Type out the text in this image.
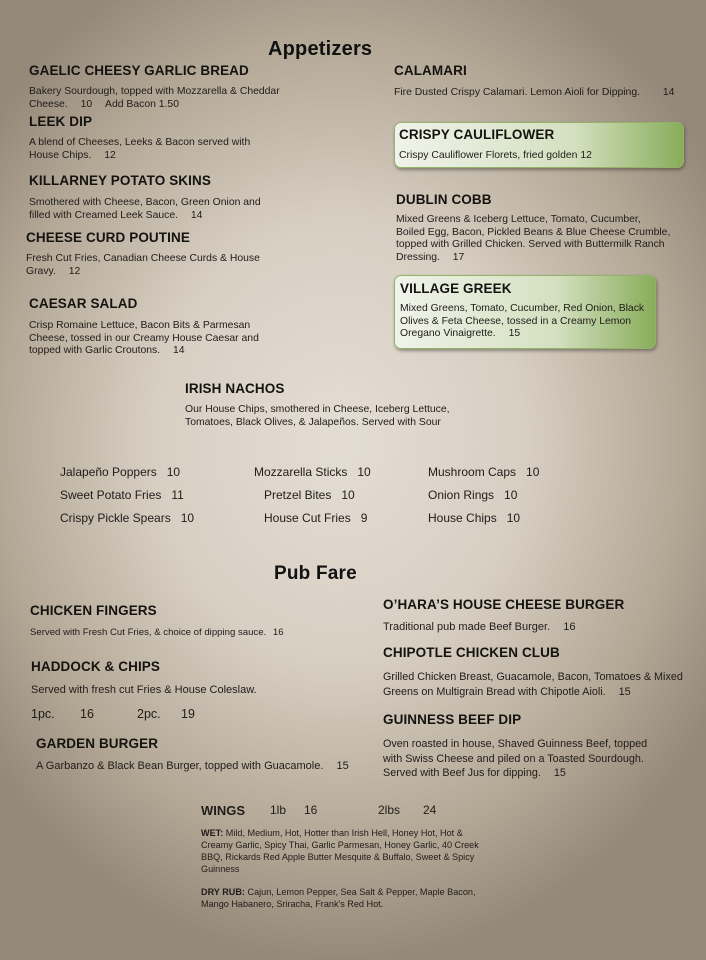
Appetizers
GAELIC CHEESY GARLIC BREAD
Bakery Sourdough, topped with Mozzarella & Cheddar Cheese. 10 Add Bacon 1.50
LEEK DIP
A blend of Cheeses, Leeks & Bacon served with House Chips. 12
KILLARNEY POTATO SKINS
Smothered with Cheese, Bacon, Green Onion and filled with Creamed Leek Sauce. 14
CHEESE CURD POUTINE
Fresh Cut Fries, Canadian Cheese Curds & House Gravy. 12
CAESAR SALAD
Crisp Romaine Lettuce, Bacon Bits & Parmesan Cheese, tossed in our Creamy House Caesar and topped with Garlic Croutons. 14
CALAMARI
Fire Dusted Crispy Calamari. Lemon Aioli for Dipping. 14
CRISPY CAULIFLOWER
Crispy Cauliflower Florets, fried golden 12
DUBLIN COBB
Mixed Greens & Iceberg Lettuce, Tomato, Cucumber, Boiled Egg, Bacon, Pickled Beans & Blue Cheese Crumble, topped with Grilled Chicken. Served with Buttermilk Ranch Dressing. 17
VILLAGE GREEK
Mixed Greens, Tomato, Cucumber, Red Onion, Black Olives & Feta Cheese, tossed in a Creamy Lemon Oregano Vinaigrette. 15
IRISH NACHOS
Our House Chips, smothered in Cheese, Iceberg Lettuce, Tomatoes, Black Olives, & Jalapeños. Served with Sour
Jalapeño Poppers 10
Sweet Potato Fries 11
Crispy Pickle Spears 10
Mozzarella Sticks 10
Pretzel Bites 10
House Cut Fries 9
Mushroom Caps 10
Onion Rings 10
House Chips 10
Pub Fare
CHICKEN FINGERS
Served with Fresh Cut Fries, & choice of dipping sauce. 16
HADDOCK & CHIPS
Served with fresh cut Fries & House Coleslaw.
1pc. 16	2pc. 19
GARDEN BURGER
A Garbanzo & Black Bean Burger, topped with Guacamole. 15
O’HARA’S HOUSE CHEESE BURGER
Traditional pub made Beef Burger. 16
CHIPOTLE CHICKEN CLUB
Grilled Chicken Breast, Guacamole, Bacon, Tomatoes & Mixed Greens on Multigrain Bread with Chipotle Aioli. 15
GUINNESS BEEF DIP
Oven roasted in house, Shaved Guinness Beef, topped with Swiss Cheese and piled on a Toasted Sourdough. Served with Beef Jus for dipping. 15
WINGS 1lb 16	2lbs 24
WET: Mild, Medium, Hot, Hotter than Irish Hell, Honey Hot, Hot & Creamy Garlic, Spicy Thai, Garlic Parmesan, Honey Garlic, 40 Creek BBQ, Rickards Red Apple Butter Mesquite & Buffalo, Sweet & Spicy Guinness
DRY RUB: Cajun, Lemon Pepper, Sea Salt & Pepper, Maple Bacon, Mango Habanero, Sriracha, Frank's Red Hot.
